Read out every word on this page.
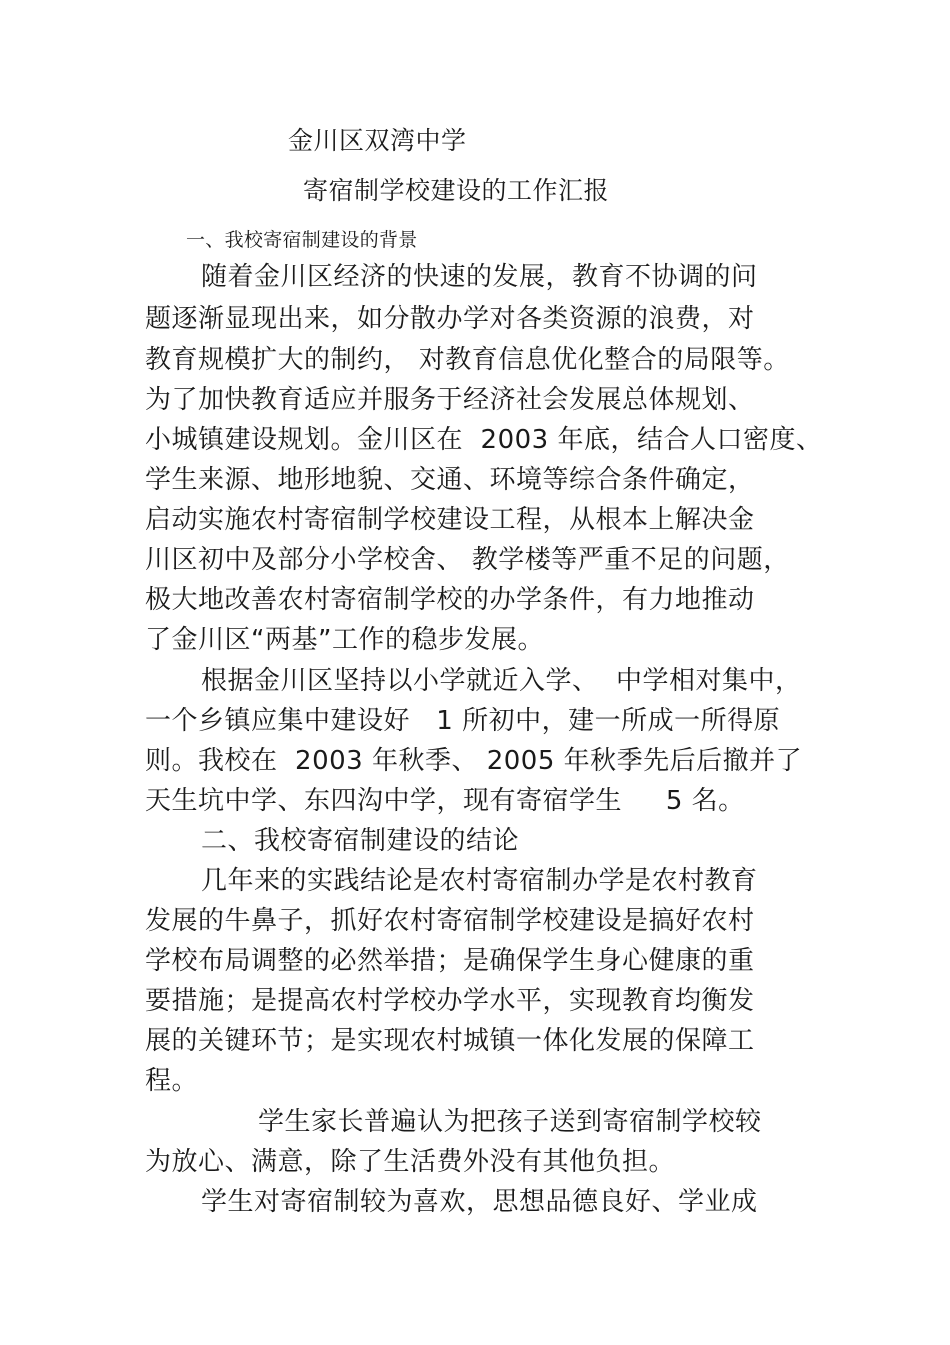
金川区双湾中学
寄宿制学校建设的工作汇报
一、我校寄宿制建设的背景
随着金川区经济的快速的发展，教育不协调的问
题逐渐显现出来，如分散办学对各类资源的浪费，对
教育规模扩大的制约， 对教育信息优化整合的局限等。
为了加快教育适应并服务于经济社会发展总体规划、
小城镇建设规划。金川区在  2003 年底，结合人口密度、
学生来源、地形地貌、交通、环境等综合条件确定，
启动实施农村寄宿制学校建设工程，从根本上解决金
川区初中及部分小学校舍、 教学楼等严重不足的问题，
极大地改善农村寄宿制学校的办学条件，有力地推动
了金川区“两基”工作的稳步发展。
根据金川区坚持以小学就近入学、  中学相对集中，
一个乡镇应集中建设好   1 所初中，建一所成一所得原
则。我校在  2003 年秋季、 2005 年秋季先后后撤并了
天生坑中学、东四沟中学，现有寄宿学生     5 名。
二、我校寄宿制建设的结论
几年来的实践结论是农村寄宿制办学是农村教育
发展的牛鼻子，抓好农村寄宿制学校建设是搞好农村
学校布局调整的必然举措；是确保学生身心健康的重
要措施；是提高农村学校办学水平，实现教育均衡发
展的关键环节；是实现农村城镇一体化发展的保障工
程。
学生家长普遍认为把孩子送到寄宿制学校较
为放心、满意，除了生活费外没有其他负担。
学生对寄宿制较为喜欢，思想品德良好、学业成
